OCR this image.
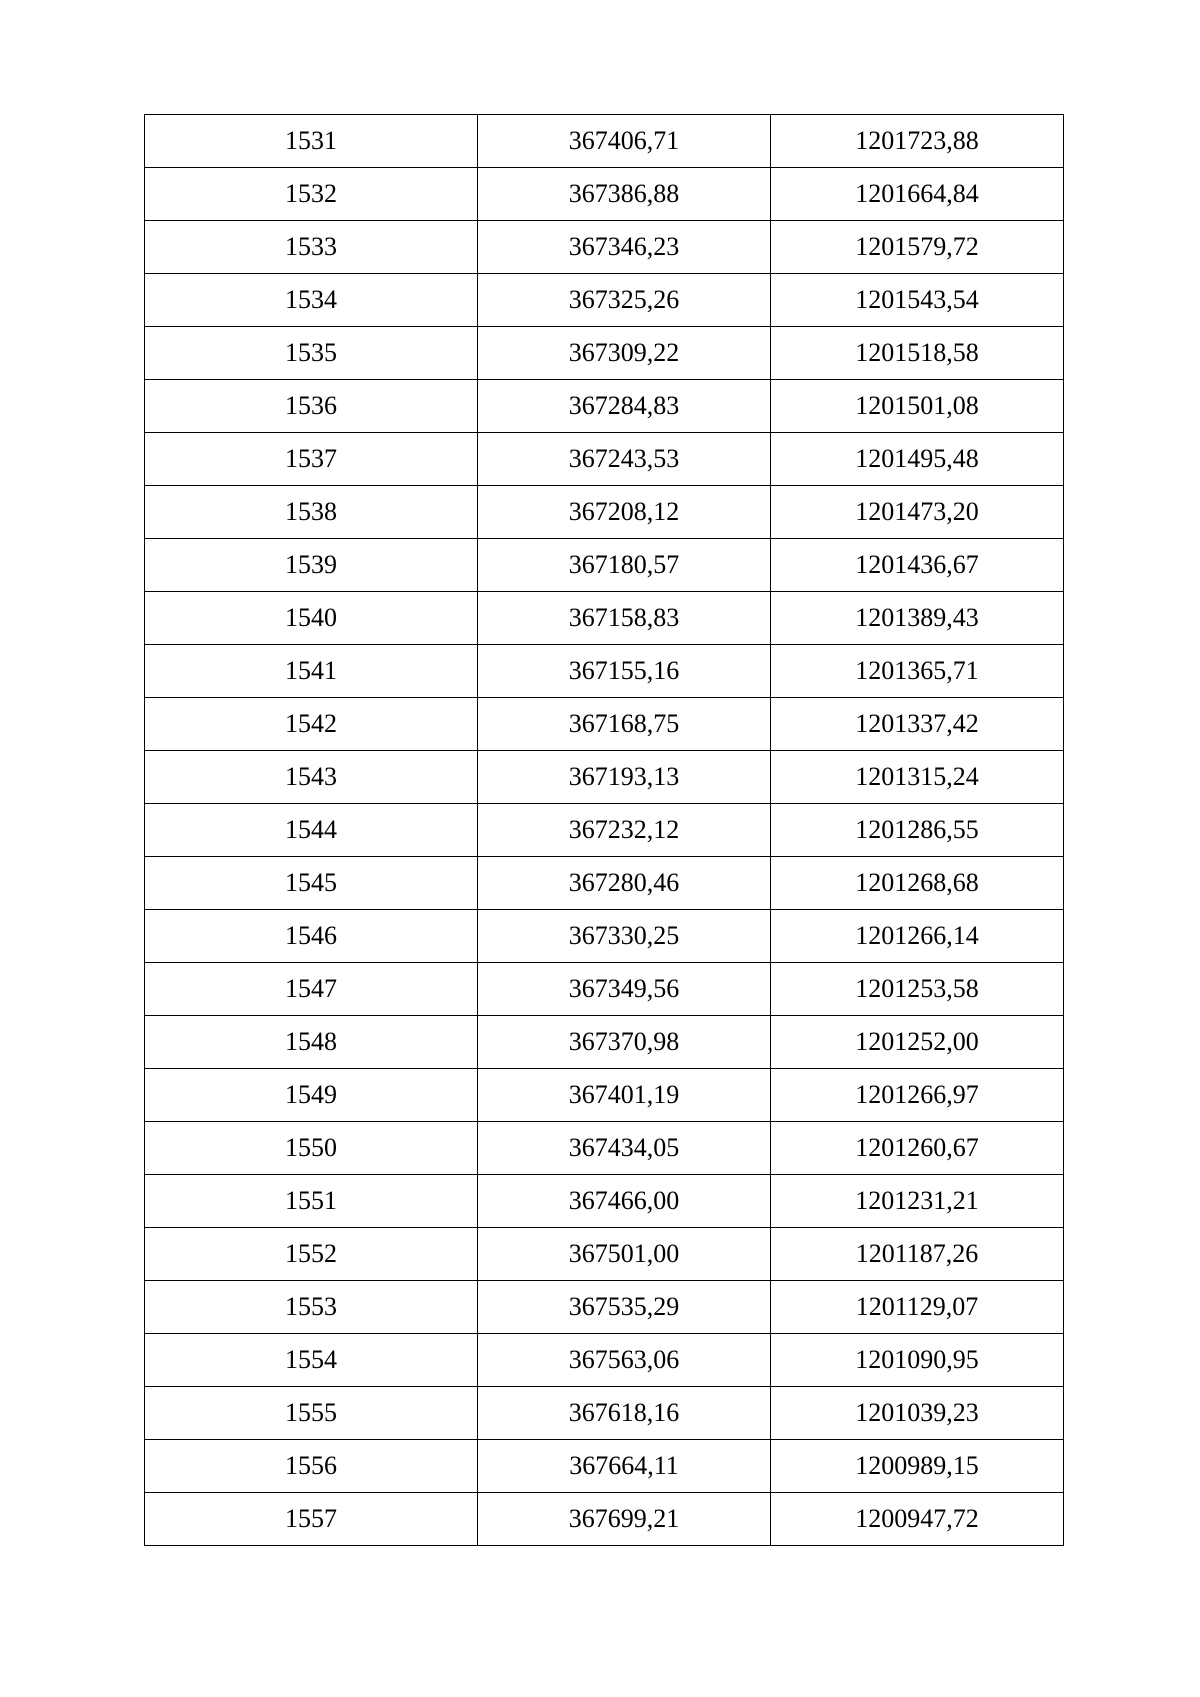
1531	367406,71	1201723,88
1532	367386,88	1201664,84
1533	367346,23	1201579,72
1534	367325,26	1201543,54
1535	367309,22	1201518,58
1536	367284,83	1201501,08
1537	367243,53	1201495,48
1538	367208,12	1201473,20
1539	367180,57	1201436,67
1540	367158,83	1201389,43
1541	367155,16	1201365,71
1542	367168,75	1201337,42
1543	367193,13	1201315,24
1544	367232,12	1201286,55
1545	367280,46	1201268,68
1546	367330,25	1201266,14
1547	367349,56	1201253,58
1548	367370,98	1201252,00
1549	367401,19	1201266,97
1550	367434,05	1201260,67
1551	367466,00	1201231,21
1552	367501,00	1201187,26
1553	367535,29	1201129,07
1554	367563,06	1201090,95
1555	367618,16	1201039,23
1556	367664,11	1200989,15
1557	367699,21	1200947,72
